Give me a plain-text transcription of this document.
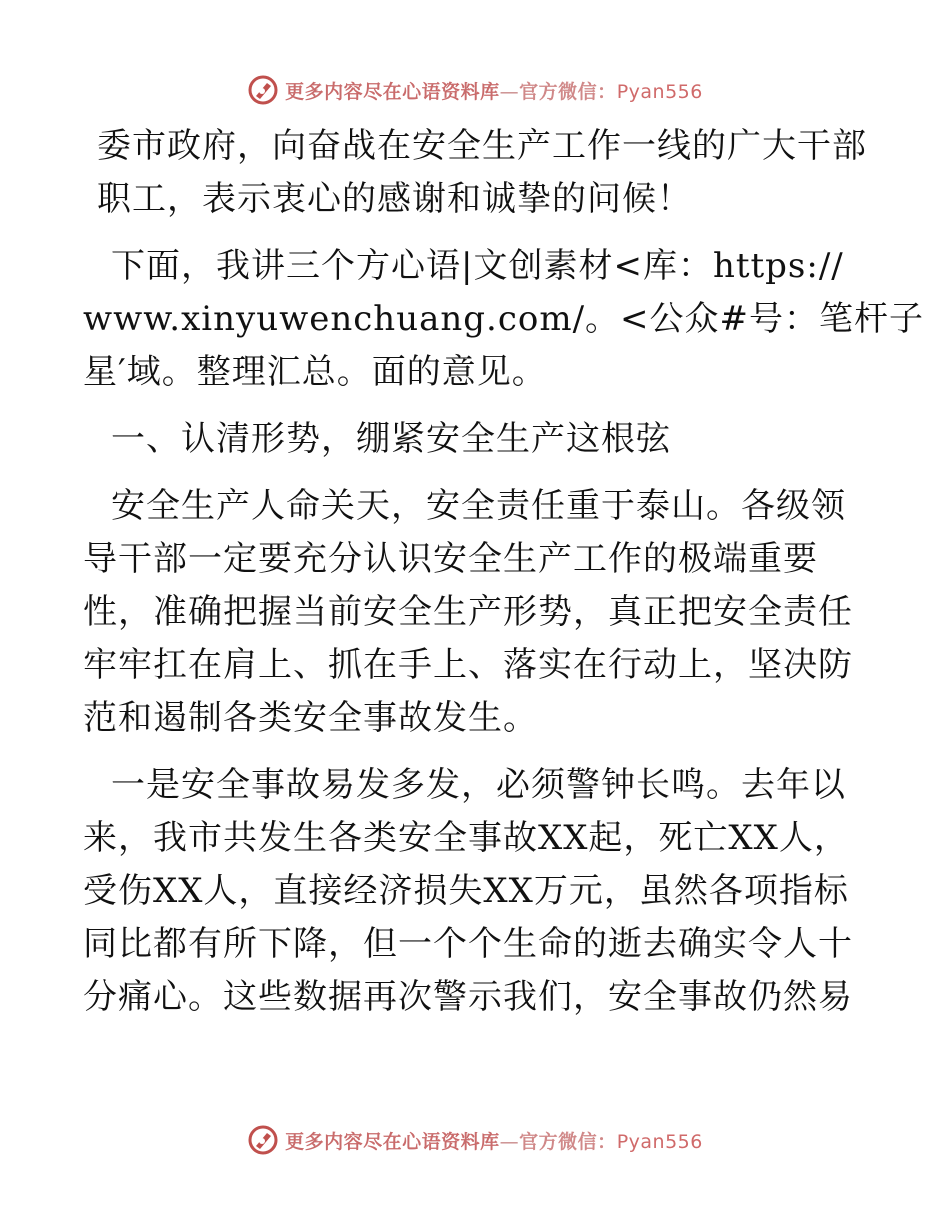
更多内容尽在心语资料库—官方微信：Pyan556

委市政府，向奋战在安全生产工作一线的广大干部
职工，表示衷心的感谢和诚挚的问候！

下面，我讲三个方心语|文创素材<库：https://
www.xinyuwenchuang.com/。<公众#号：笔杆子
星′域。整理汇总。面的意见。

一、认清形势，绷紧安全生产这根弦

安全生产人命关天，安全责任重于泰山。各级领
导干部一定要充分认识安全生产工作的极端重要
性，准确把握当前安全生产形势，真正把安全责任
牢牢扛在肩上、抓在手上、落实在行动上，坚决防
范和遏制各类安全事故发生。

一是安全事故易发多发，必须警钟长鸣。去年以
来，我市共发生各类安全事故XX起，死亡XX人，
受伤XX人，直接经济损失XX万元，虽然各项指标
同比都有所下降，但一个个生命的逝去确实令人十
分痛心。这些数据再次警示我们，安全事故仍然易

更多内容尽在心语资料库—官方微信：Pyan556
